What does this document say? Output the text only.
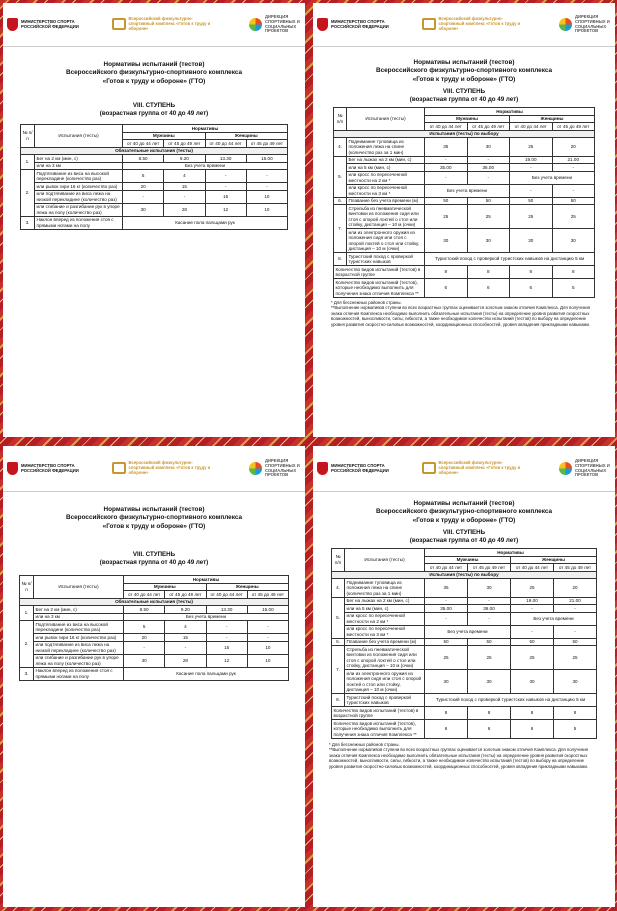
МИНИСТЕРСТВО СПОРТА РОССИЙСКОЙ ФЕДЕРАЦИИ
Всероссийский физкультурно-спортивный комплекс «Готов к труду и обороне»
ДИРЕКЦИЯ СПОРТИВНЫХ И СОЦИАЛЬНЫХ ПРОЕКТОВ
Нормативы испытаний (тестов)
Всероссийского физкультурно-спортивного комплекса
«Готов к труду и обороне» (ГТО)
VIII. СТУПЕНЬ
(возрастная группа от 40 до 49 лет)
№ п/п	Испытания (тесты)	Нормативы			
		Мужчины		Женщины	
		от 40 до 44 лет	от 45 до 49 лет	от 40 до 44 лет	от 45 до 49 лет
Обязательные испытания (тесты)					
1.	Бег на 2 км (мин, с)	8.50	9.20	13.30	15.00
	или на 3 км	Без учета времени			
2.	Подтягивание из виса на высокой перекладине (количество раз)	5	4	-	-
	или рывок гири 16 кг (количество раз)	20	15	-	-
	или подтягивание из виса лежа на низкой перекладине (количество раз)	-	-	15	10
	или сгибание и разгибание рук в упоре лежа на полу (количество раз)	30	28	12	10
3.	Наклон вперед из положения стоя с прямыми ногами на полу	Касание пола пальцами рук			
МИНИСТЕРСТВО СПОРТА РОССИЙСКОЙ ФЕДЕРАЦИИ
Всероссийский физкультурно-спортивный комплекс «Готов к труду и обороне»
ДИРЕКЦИЯ СПОРТИВНЫХ И СОЦИАЛЬНЫХ ПРОЕКТОВ
Нормативы испытаний (тестов)
Всероссийского физкультурно-спортивного комплекса
«Готов к труду и обороне» (ГТО)
VIII. СТУПЕНЬ
(возрастная группа от 40 до 49 лет)
№ п/п	Испытания (тесты)	Нормативы			
		Мужчины		Женщины	
		от 40 до 44 лет	от 45 до 49 лет	от 40 до 44 лет	от 45 до 49 лет
Обязательные испытания (тесты)					
1.	Бег на 2 км (мин, с)	8.50	9.20	13.30	15.00
	или на 3 км	Без учета времени			
2.	Подтягивание из виса на высокой перекладине (количество раз)	5	4	-	-
	или рывок гири 16 кг (количество раз)	20	15	-	-
	или подтягивание из виса лежа на низкой перекладине (количество раз)	-	-	15	10
	или сгибание и разгибание рук в упоре лежа на полу (количество раз)	30	28	12	10
3.	Наклон вперед из положения стоя с прямыми ногами на полу	Касание пола пальцами рук			
МИНИСТЕРСТВО СПОРТА РОССИЙСКОЙ ФЕДЕРАЦИИ
Всероссийский физкультурно-спортивный комплекс «Готов к труду и обороне»
ДИРЕКЦИЯ СПОРТИВНЫХ И СОЦИАЛЬНЫХ ПРОЕКТОВ
Нормативы испытаний (тестов)
Всероссийского физкультурно-спортивного комплекса
«Готов к труду и обороне» (ГТО)
VIII. СТУПЕНЬ
(возрастная группа от 40 до 49 лет)
№ п/п	Испытания (тесты)	Нормативы			
		Мужчины		Женщины	
		от 40 до 44 лет	от 45 до 49 лет	от 40 до 44 лет	от 45 до 49 лет
Испытания (тесты) по выбору					
4.	Поднимание туловища из положения лежа на спине (количество раз за 1 мин)	35	30	25	20
5.	Бег на лыжах на 2 км (мин, с)	-	-	19.00	21.00
	или на 5 км (мин, с)	35.00	36.00	-	-
	или кросс по пересеченной местности на 2 км *	-	-	Без учета времени	
	или кросс по пересеченной местности на 3 км *	Без учета времени		-	-
6.	Плавание без учета времени (м)	50	50	50	50
7.	Стрельба из пневматической винтовки из положения сидя или стоя с опорой локтей о стол или стойку, дистанция – 10 м (очки)	25	25	25	25
	или из электронного оружия из положения сидя или стоя с опорой локтей о стол или стойку, дистанция – 10 м (очки)	30	30	30	30
8.	Туристский поход с проверкой туристских навыков	Туристский поход с проверкой туристских навыков на дистанцию 5 км			
Количество видов испытаний (тестов) в возрастной группе		8	8	8	8
Количество видов испытаний (тестов), которые необходимо выполнить для получения знака отличия Комплекса **		6	6	6	5
* Для бесснежных районов страны.
**Выполнение нормативов ступени во всех возрастных группах оценивается золотым знаком отличия Комплекса. Для получения знака отличия Комплекса необходимо выполнить обязательные испытания (тесты) на определение уровня развития скоростных возможностей, выносливости, силы, гибкости, а также необходимое количество испытаний (тестов) по выбору на определение уровня развития скоростно-силовых возможностей, координационных способностей, уровня овладения прикладными навыками.
МИНИСТЕРСТВО СПОРТА РОССИЙСКОЙ ФЕДЕРАЦИИ
Всероссийский физкультурно-спортивный комплекс «Готов к труду и обороне»
ДИРЕКЦИЯ СПОРТИВНЫХ И СОЦИАЛЬНЫХ ПРОЕКТОВ
Нормативы испытаний (тестов)
Всероссийского физкультурно-спортивного комплекса
«Готов к труду и обороне» (ГТО)
VIII. СТУПЕНЬ
(возрастная группа от 40 до 49 лет)
№ п/п	Испытания (тесты)	Нормативы			
		Мужчины		Женщины	
		от 40 до 44 лет	от 45 до 49 лет	от 40 до 44 лет	от 45 до 49 лет
Испытания (тесты) по выбору					
4.	Поднимание туловища из положения лежа на спине (количество раз за 1 мин)	35	30	25	20
5.	Бег на лыжах на 2 км (мин, с)	-	-	19.00	21.00
	или на 5 км (мин, с)	35.00	36.00	-	-
	или кросс по пересеченной местности на 2 км *	-	-	Без учета времени	
	или кросс по пересеченной местности на 3 км *	Без учета времени		-	-
6.	Плавание без учета времени (м)	50	50	50	50
7.	Стрельба из пневматической винтовки из положения сидя или стоя с опорой локтей о стол или стойку, дистанция – 10 м (очки)	25	25	25	25
	или из электронного оружия из положения сидя или стоя с опорой локтей о стол или стойку, дистанция – 10 м (очки)	30	30	30	30
8.	Туристский поход с проверкой туристских навыков	Туристский поход с проверкой туристских навыков на дистанцию 5 км			
Количество видов испытаний (тестов) в возрастной группе		8	8	8	8
Количество видов испытаний (тестов), которые необходимо выполнить для получения знака отличия Комплекса **		6	6	6	5
* Для бесснежных районов страны.
**Выполнение нормативов ступени во всех возрастных группах оценивается золотым знаком отличия Комплекса. Для получения знака отличия Комплекса необходимо выполнить обязательные испытания (тесты) на определение уровня развития скоростных возможностей, выносливости, силы, гибкости, а также необходимое количество испытаний (тестов) по выбору на определение уровня развития скоростно-силовых возможностей, координационных способностей, уровня овладения прикладными навыками.
